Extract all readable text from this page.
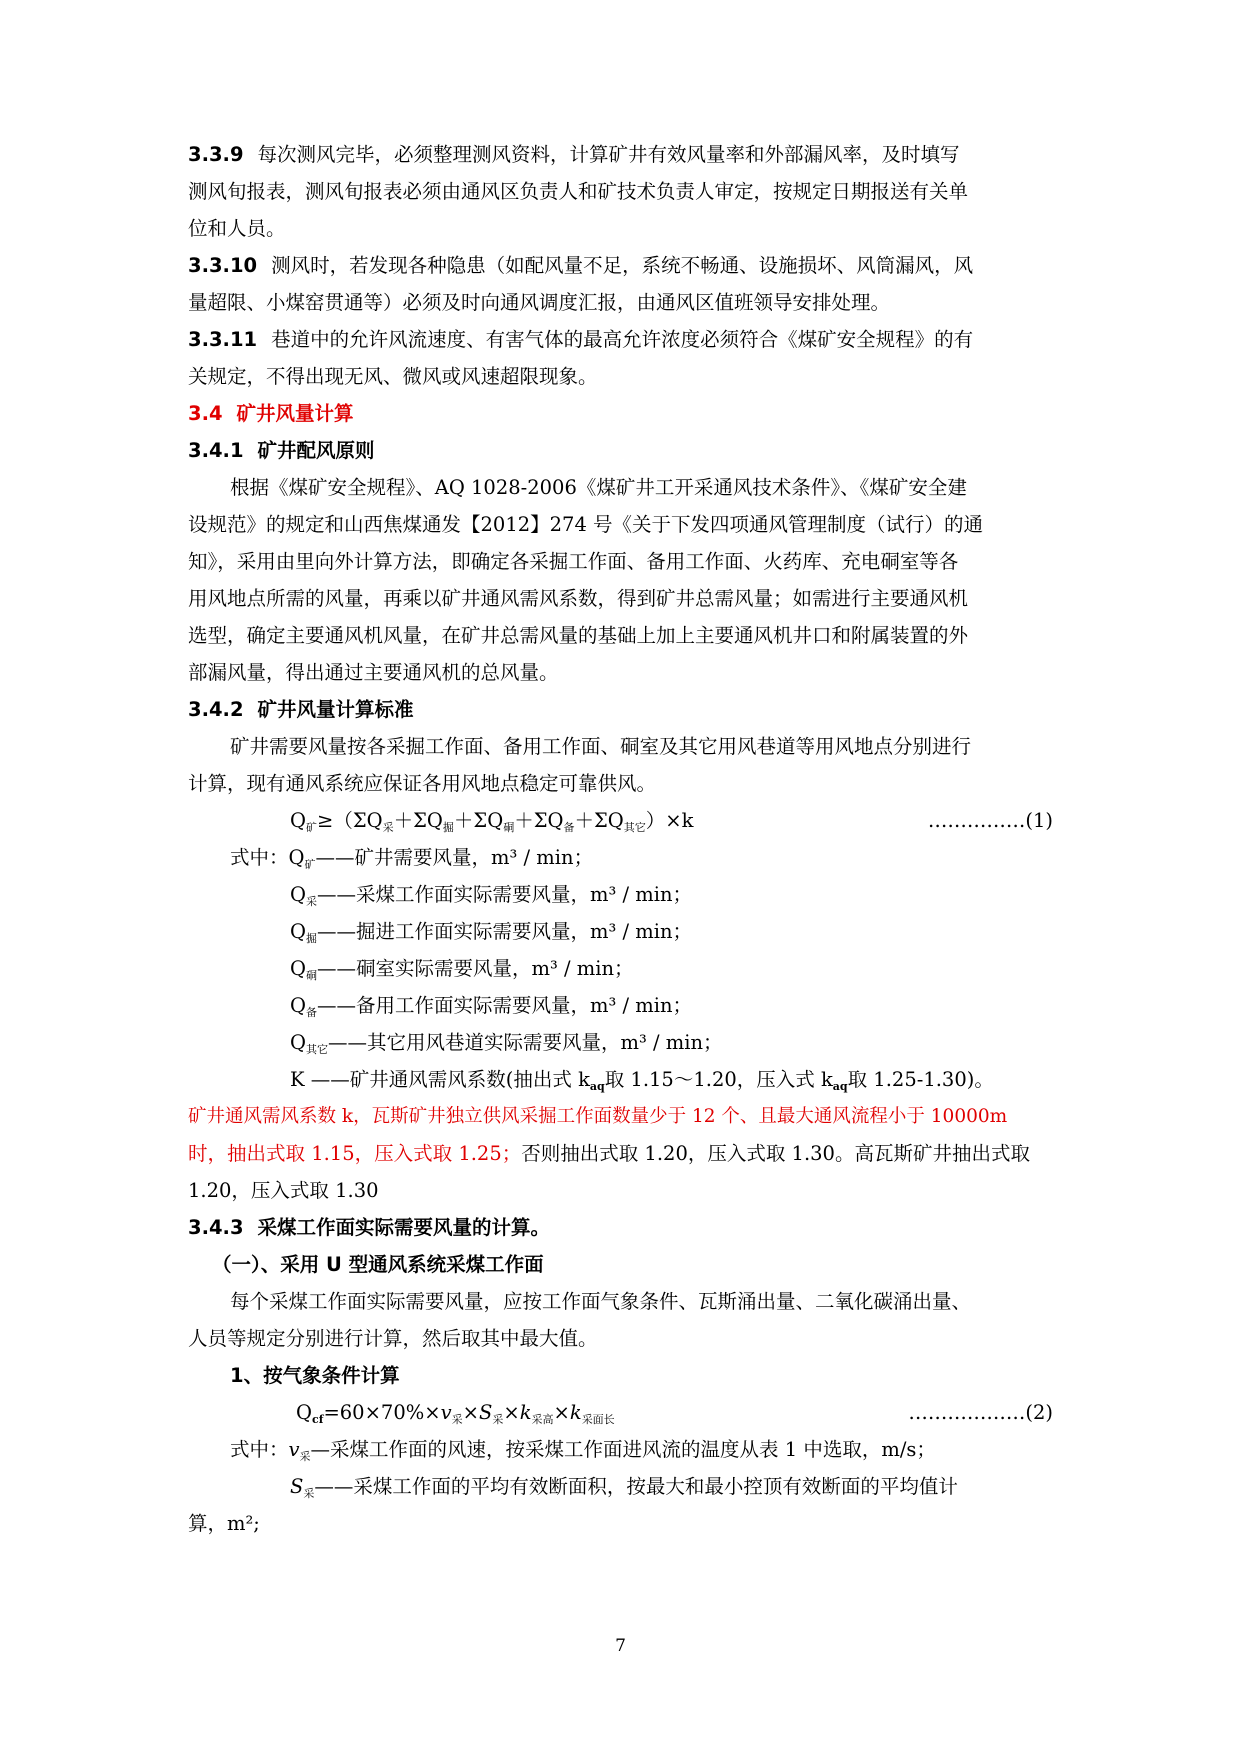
3.3.9 每次测风完毕，必须整理测风资料，计算矿井有效风量率和外部漏风率，及时填写
测风旬报表，测风旬报表必须由通风区负责人和矿技术负责人审定，按规定日期报送有关单
位和人员。
3.3.10 测风时，若发现各种隐患（如配风量不足，系统不畅通、设施损坏、风筒漏风，风
量超限、小煤窑贯通等）必须及时向通风调度汇报，由通风区值班领导安排处理。
3.3.11 巷道中的允许风流速度、有害气体的最高允许浓度必须符合《煤矿安全规程》的有
关规定，不得出现无风、微风或风速超限现象。
3.4 矿井风量计算
3.4.1 矿井配风原则
根据《煤矿安全规程》、AQ 1028-2006《煤矿井工开采通风技术条件》、《煤矿安全建
设规范》的规定和山西焦煤通发【2012】274 号《关于下发四项通风管理制度（试行）的通
知》，采用由里向外计算方法，即确定各采掘工作面、备用工作面、火药库、充电硐室等各
用风地点所需的风量，再乘以矿井通风需风系数，得到矿井总需风量；如需进行主要通风机
选型，确定主要通风机风量，在矿井总需风量的基础上加上主要通风机井口和附属装置的外
部漏风量，得出通过主要通风机的总风量。
3.4.2 矿井风量计算标准
矿井需要风量按各采掘工作面、备用工作面、硐室及其它用风巷道等用风地点分别进行
计算，现有通风系统应保证各用风地点稳定可靠供风。
$Q_矿\ge(\Sigma Q_采+\Sigma Q_掘+\Sigma Q_硐+\Sigma Q_备+\Sigma Q_{其它})\times k$	……………(1)
式中：$Q_矿——$矿井需要风量，m³ / min；
$Q_采——$采煤工作面实际需要风量，m³ / min；
$Q_掘——$掘进工作面实际需要风量，m³ / min；
$Q_硐——$硐室实际需要风量，m³ / min；
$Q_备——$备用工作面实际需要风量，m³ / min；
$Q_{其它}——$其它用风巷道实际需要风量，m³ / min；
K ——矿井通风需风系数(抽出式 $k_{aq}$取 1.15～1.20，压入式 $k_{aq}$取 1.25-1.30)。
矿井通风需风系数 k，瓦斯矿井独立供风采掘工作面数量少于 12 个、且最大通风流程小于 10000m
时，抽出式取 1.15，压入式取 1.25；否则抽出式取 1.20，压入式取 1.30。高瓦斯矿井抽出式取
1.20，压入式取 1.30
3.4.3 采煤工作面实际需要风量的计算。
（一）、采用 U 型通风系统采煤工作面
每个采煤工作面实际需要风量，应按工作面气象条件、瓦斯涌出量、二氧化碳涌出量、
人员等规定分别进行计算，然后取其中最大值。
1、按气象条件计算
$Q_{cf}=60\times 70\%\times v_采\times S_采\times k_{采高}\times k_{采面长}$	………………(2)
式中：$v_采—$采煤工作面的风速，按采煤工作面进风流的温度从表 1 中选取，m/s；
$S_采——$采煤工作面的平均有效断面积，按最大和最小控顶有效断面的平均值计
算，m²;
7
